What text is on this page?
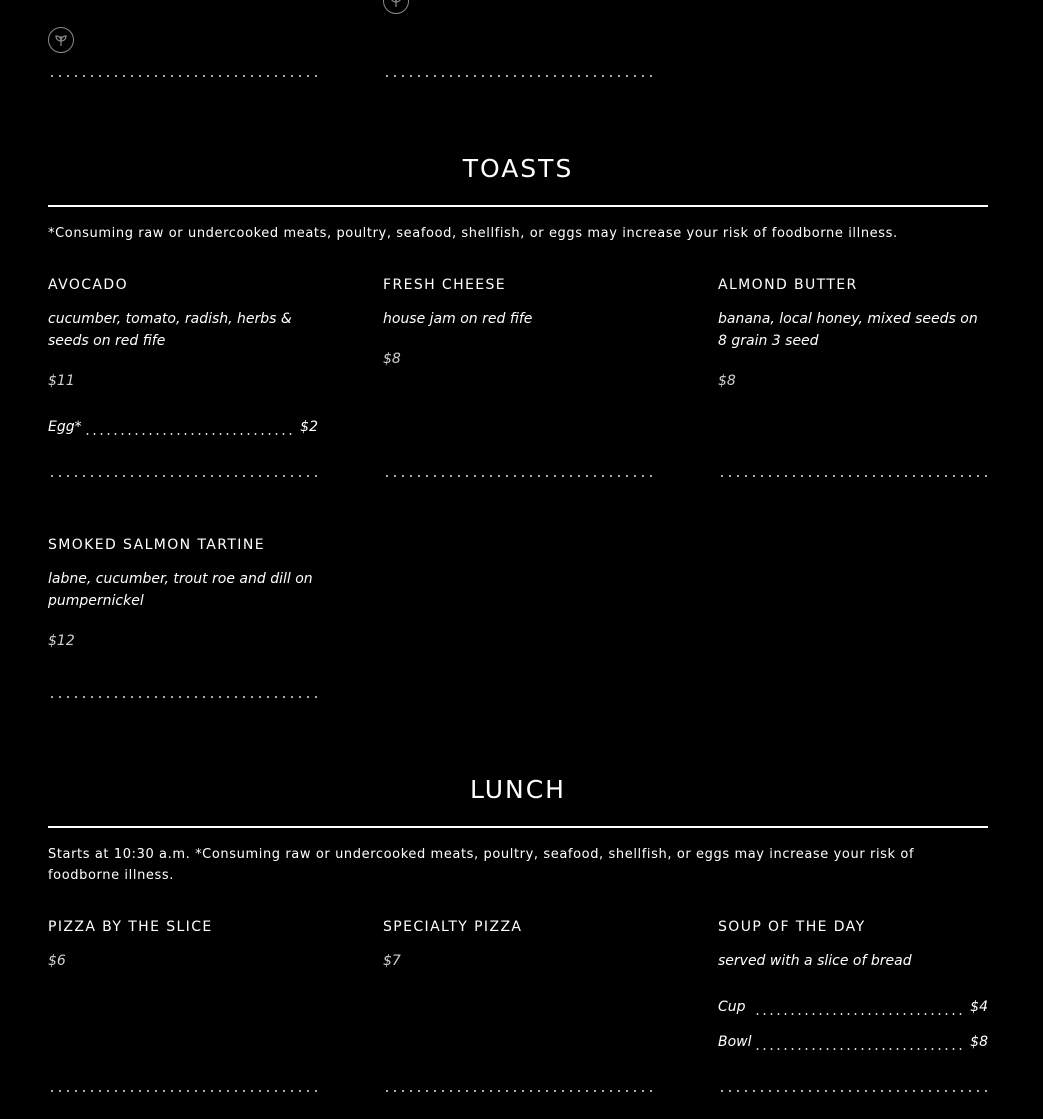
TOASTS
*Consuming raw or undercooked meats, poultry, seafood, shellfish, or eggs may increase your risk of foodborne illness.
AVOCADO
cucumber, tomato, radish, herbs & seeds on red fife
$11
Egg*	$2
FRESH CHEESE
house jam on red fife
$8
ALMOND BUTTER
banana, local honey, mixed seeds on 8 grain 3 seed
$8
SMOKED SALMON TARTINE
labne, cucumber, trout roe and dill on pumpernickel
$12
LUNCH
Starts at 10:30 a.m. *Consuming raw or undercooked meats, poultry, seafood, shellfish, or eggs may increase your risk of foodborne illness.
PIZZA BY THE SLICE
$6
SPECIALTY PIZZA
$7
SOUP OF THE DAY
served with a slice of bread
Cup	$4
Bowl	$8
